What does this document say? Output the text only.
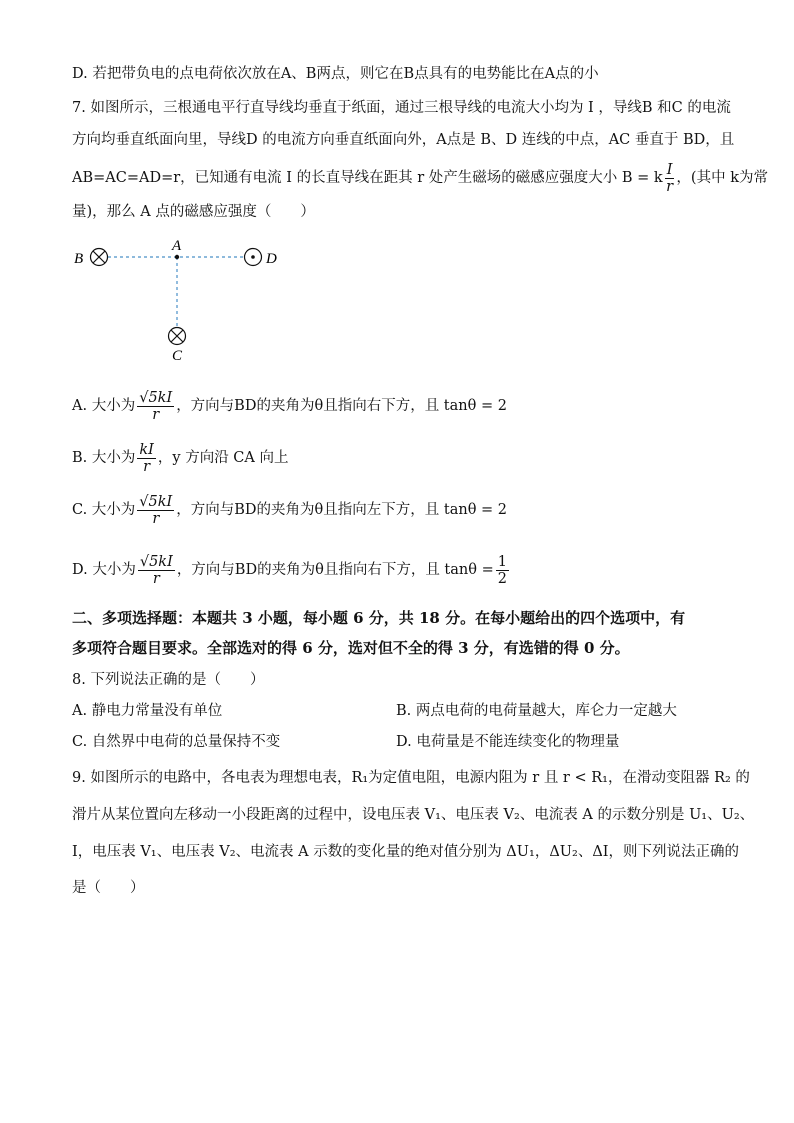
D. 若把带负电的点电荷依次放在A、B两点，则它在B点具有的电势能比在A点的小
7. 如图所示，三根通电平行直导线均垂直于纸面，通过三根导线的电流大小均为 I ，导线B 和C 的电流
方向均垂直纸面向里，导线D 的电流方向垂直纸面向外，A点是 B、D 连线的中点，AC 垂直于 BD，且
AB=AC=AD=r，已知通有电流 I 的长直导线在距其 r 处产生磁场的磁感应强度大小 B = k $\frac{I}{r}$ ，(其中 k为常
量)，那么 A 点的磁感应强度（　　）
A
B	D
C
A. 大小为 $\frac{√5kI}{r}$ ，方向与BD的夹角为θ且指向右下方，且 tanθ = 2
B. 大小为 $\frac{kI}{r}$ ，y 方向沿 CA 向上
C. 大小为 $\frac{√5kI}{r}$ ，方向与BD的夹角为θ且指向左下方，且 tanθ = 2
D. 大小为 $\frac{√5kI}{r}$ ，方向与BD的夹角为θ且指向右下方，且 $\tan\theta = \frac{1}{2}$
二、多项选择题：本题共 3 小题，每小题 6 分，共 18 分。在每小题给出的四个选项中，有
多项符合题目要求。全部选对的得 6 分，选对但不全的得 3 分，有选错的得 0 分。
8. 下列说法正确的是（　　）
A. 静电力常量没有单位	B. 两点电荷的电荷量越大，库仑力一定越大
C. 自然界中电荷的总量保持不变	D. 电荷量是不能连续变化的物理量
9. 如图所示的电路中，各电表为理想电表，R₁为定值电阻，电源内阻为 r 且 r < R₁，在滑动变阻器 R₂ 的
滑片从某位置向左移动一小段距离的过程中，设电压表 V₁、电压表 V₂、电流表 A 的示数分别是 U₁、U₂、
I，电压表 V₁、电压表 V₂、电流表 A 示数的变化量的绝对值分别为 ΔU₁，ΔU₂、ΔI，则下列说法正确的
是（　　）
